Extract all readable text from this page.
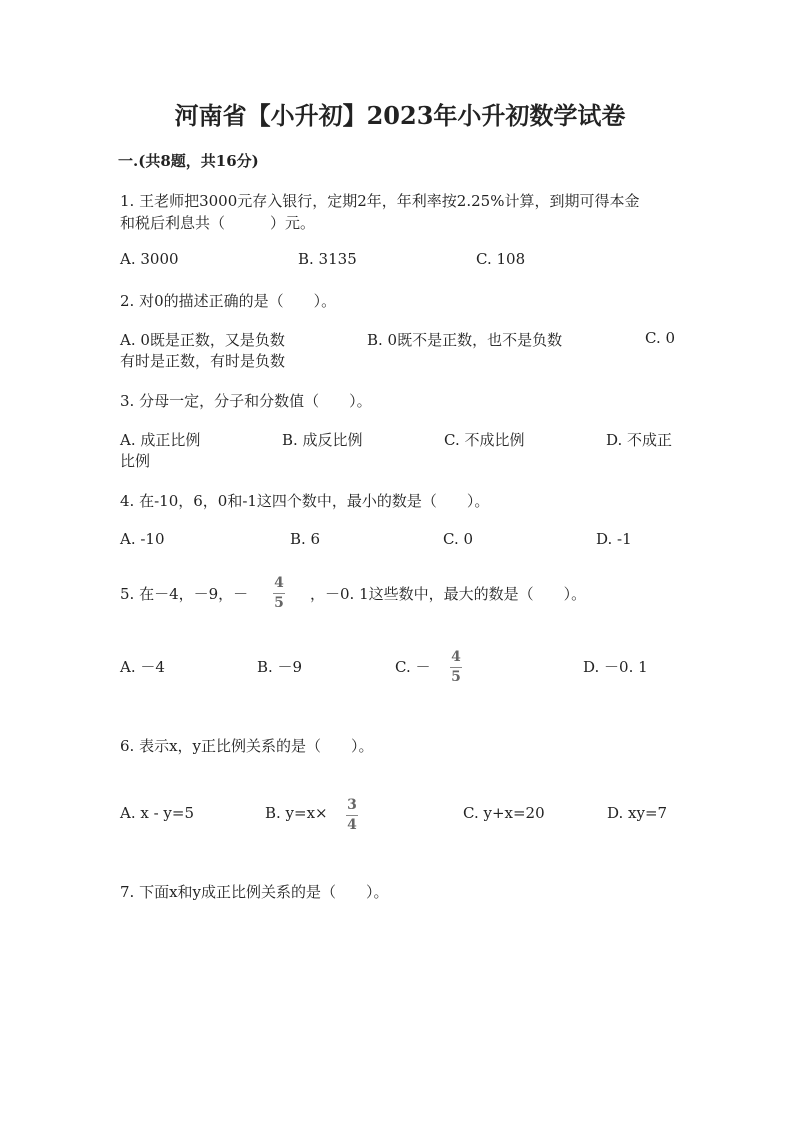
河南省【小升初】2023年小升初数学试卷
一.(共8题，共16分)
1. 王老师把3000元存入银行，定期2年，年利率按2.25%计算，到期可得本金
和税后利息共（　　　）元。
A. 3000	B. 3135	C. 108
2. 对0的描述正确的是（　　）。
A. 0既是正数，又是负数	B. 0既不是正数，也不是负数	C. 0
有时是正数，有时是负数
3. 分母一定，分子和分数值（　　）。
A. 成正比例	B. 成反比例	C. 不成比例	D. 不成正
比例
4. 在-10，6，0和-1这四个数中，最小的数是（　　）。
A. -10	B. 6	C. 0	D. -1
5. 在－4，－9，－
4
5 ，－0. 1这些数中，最大的数是（　　）。
A. －4	B. －9	C. －
4
5
D. －0. 1
6. 表示x，y正比例关系的是（　　）。
A. x - y=5	B. y=x× 3
4
C. y+x=20	D. xy=7
7. 下面x和y成正比例关系的是（　　）。
